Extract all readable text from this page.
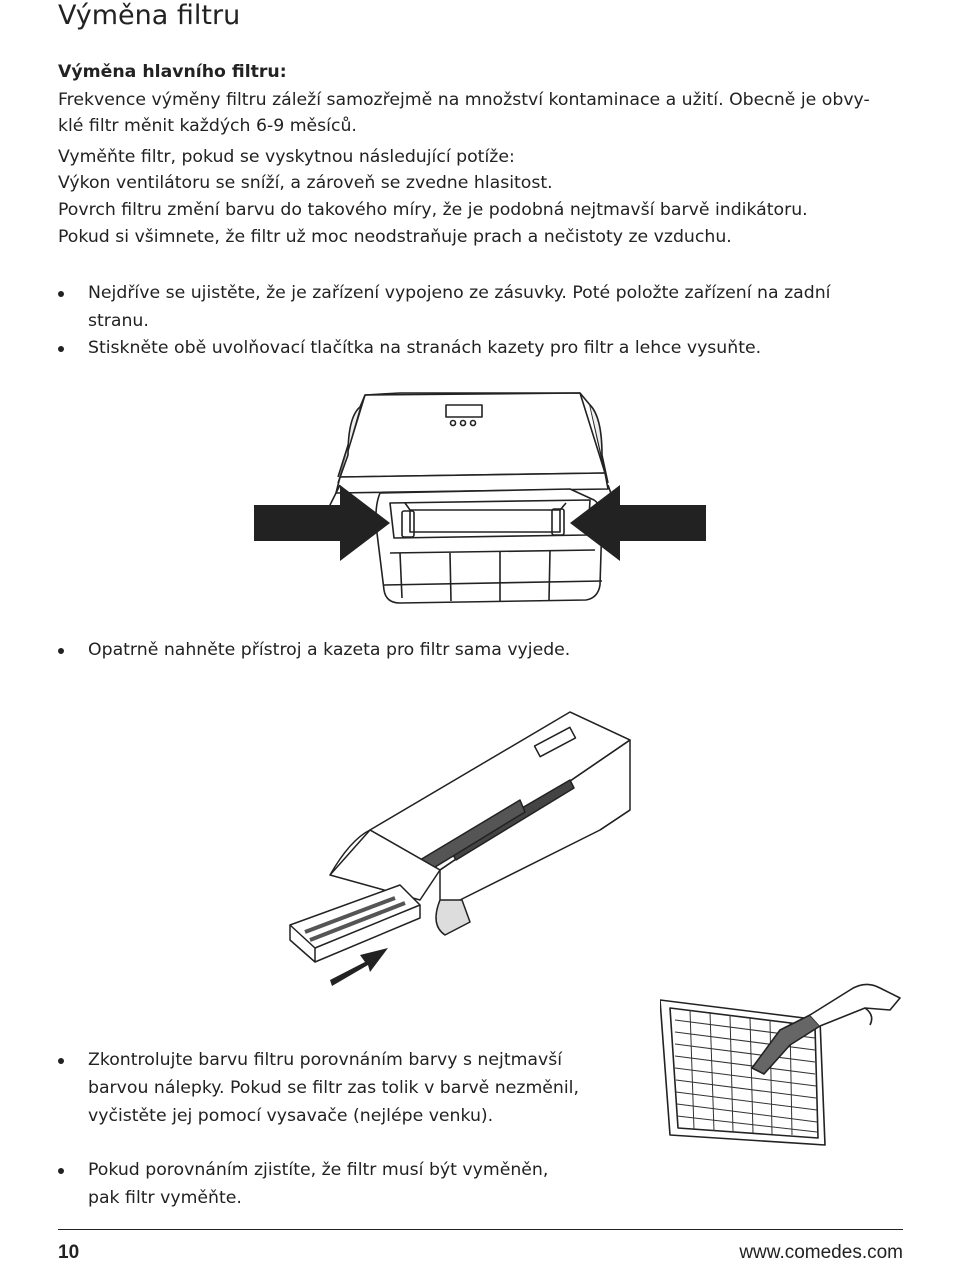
Výměna filtru
Výměna hlavního filtru:
Frekvence výměny filtru záleží samozřejmě na množství kontaminace a užití. Obecně je obvy-
klé filtr měnit každých 6-9 měsíců.
Vyměňte filtr, pokud se vyskytnou následující potíže:
Výkon ventilátoru se sníží, a zároveň se zvedne hlasitost.
Povrch filtru změní barvu do takového míry, že je podobná nejtmavší barvě indikátoru.
Pokud si všimnete, že filtr už moc neodstraňuje prach a nečistoty ze vzduchu.
Nejdříve se ujistěte, že je zařízení vypojeno ze zásuvky. Poté položte zařízení na zadní
stranu.
Stiskněte obě uvolňovací tlačítka na stranách kazety pro filtr a lehce vysuňte.
Opatrně nahněte přístroj a kazeta pro filtr sama vyjede.
Zkontrolujte barvu filtru porovnáním barvy s nejtmavší
barvou nálepky. Pokud se filtr zas tolik v barvě nezměnil,
vyčistěte jej pomocí vysavače (nejlépe venku).
Pokud porovnáním zjistíte, že filtr musí být vyměněn,
pak filtr vyměňte.
10	www.comedes.com
